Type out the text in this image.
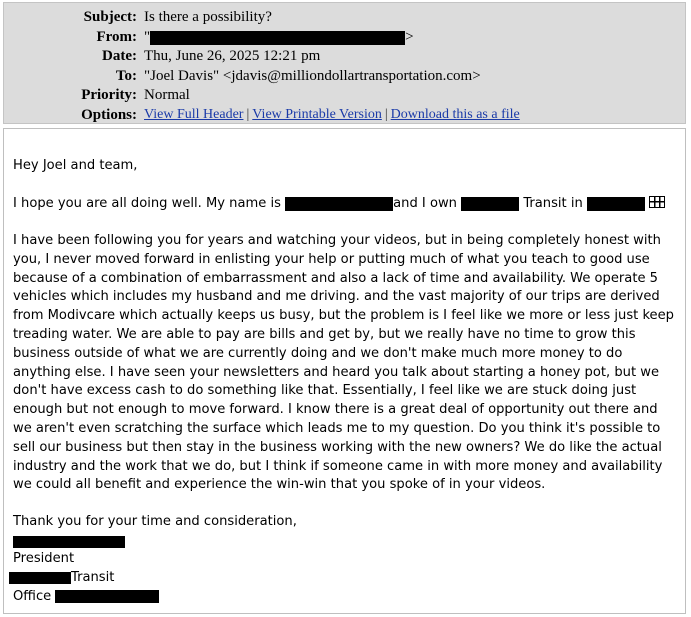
Subject: Is there a possibility?
From: "	>
Date: Thu, June 26, 2025 12:21 pm
To: "Joel Davis" <jdavis@milliondollartransportation.com>
Priority: Normal
Options: View Full Header | View Printable Version | Download this as a file
Hey Joel and team,
I hope you are all doing well. My name is	and I own	Transit in
I have been following you for years and watching your videos, but in being completely honest with you, I never moved forward in enlisting your help or putting much of what you teach to good use because of a combination of embarrassment and also a lack of time and availability. We operate 5 vehicles which includes my husband and me driving. and the vast majority of our trips are derived from Modivcare which actually keeps us busy, but the problem is I feel like we more or less just keep treading water. We are able to pay are bills and get by, but we really have no time to grow this business outside of what we are currently doing and we don't make much more money to do anything else. I have seen your newsletters and heard you talk about starting a honey pot, but we don't have excess cash to do something like that. Essentially, I feel like we are stuck doing just enough but not enough to move forward. I know there is a great deal of opportunity out there and we aren't even scratching the surface which leads me to my question. Do you think it's possible to sell our business but then stay in the business working with the new owners? We do like the actual industry and the work that we do, but I think if someone came in with more money and availability we could all benefit and experience the win-win that you spoke of in your videos.
Thank you for your time and consideration,
President
Transit
Office
